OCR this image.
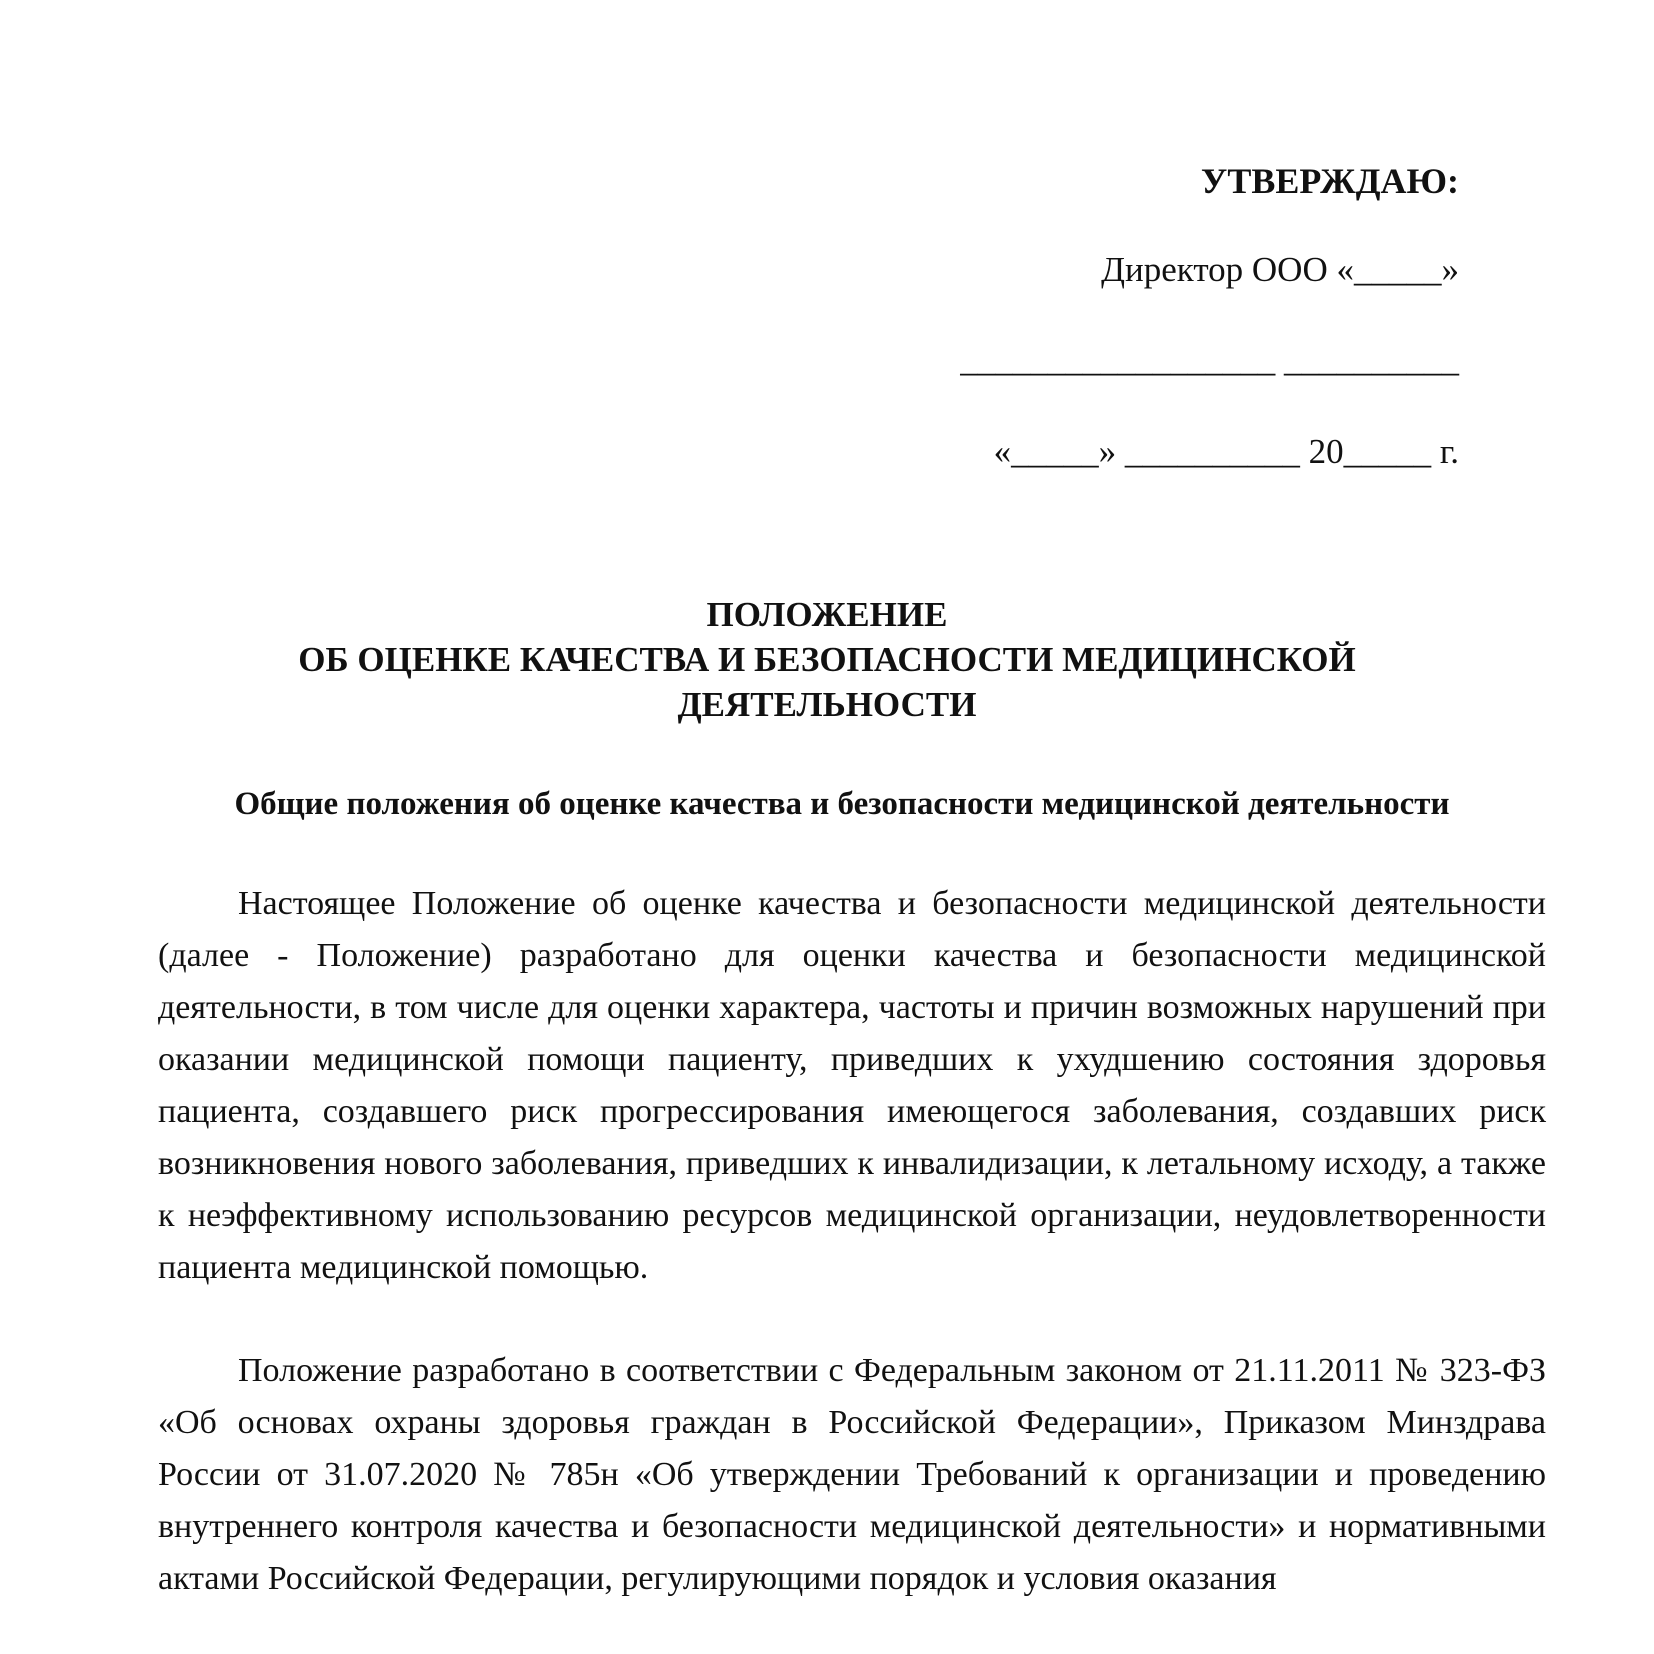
УТВЕРЖДАЮ:
Директор ООО «_____»
__________________ __________
«_____» __________ 20_____ г.
ПОЛОЖЕНИЕ
ОБ ОЦЕНКЕ КАЧЕСТВА И БЕЗОПАСНОСТИ МЕДИЦИНСКОЙ
ДЕЯТЕЛЬНОСТИ
Общие положения об оценке качества и безопасности медицинской деятельности
Настоящее Положение об оценке качества и безопасности медицинской деятельности (далее - Положение) разработано для оценки качества и безопасности медицинской деятельности, в том числе для оценки характера, частоты и причин возможных нарушений при оказании медицинской помощи пациенту, приведших к ухудшению состояния здоровья пациента, создавшего риск прогрессирования имеющегося заболевания, создавших риск возникновения нового заболевания, приведших к инвалидизации, к летальному исходу, а также к неэффективному использованию ресурсов медицинской организации, неудовлетворенности пациента медицинской помощью.
Положение разработано в соответствии с Федеральным законом от 21.11.2011 № 323-ФЗ «Об основах охраны здоровья граждан в Российской Федерации», Приказом Минздрава России от 31.07.2020 № 785н «Об утверждении Требований к организации и проведению внутреннего контроля качества и безопасности медицинской деятельности» и нормативными актами Российской Федерации, регулирующими порядок и условия оказания
